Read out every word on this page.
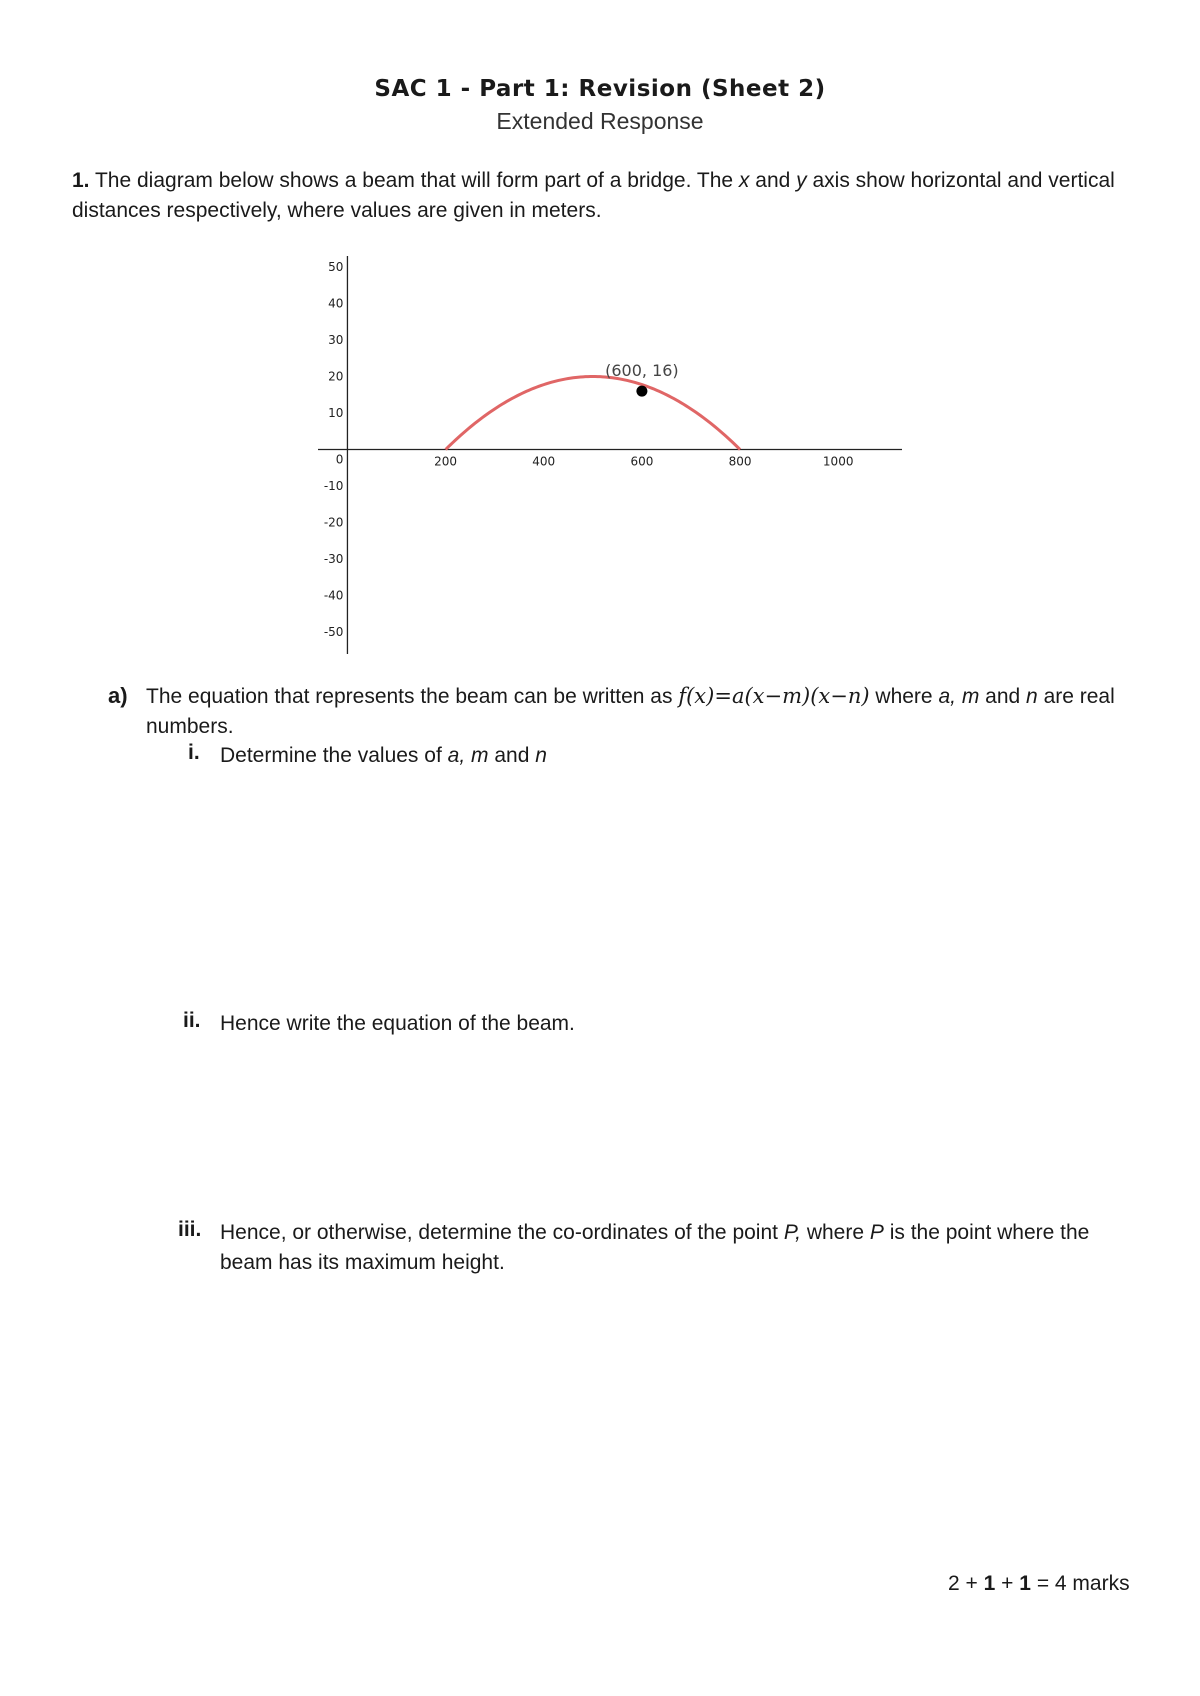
SAC 1 - Part 1: Revision (Sheet 2)
Extended Response
1. The diagram below shows a beam that will form part of a bridge. The x and y axis show horizontal and vertical distances respectively, where values are given in meters.
200	400	600	800	1000
50
40
30
20
10
0
-10
-20
-30
-40
-50
(600, 16)
a) The equation that represents the beam can be written as f(x)=a(x−m)(x−n) where a, m and n are real numbers.
i. Determine the values of a, m and n
ii. Hence write the equation of the beam.
iii. Hence, or otherwise, determine the co-ordinates of the point P, where P is the point where the beam has its maximum height.
2 + 1 + 1 = 4 marks
